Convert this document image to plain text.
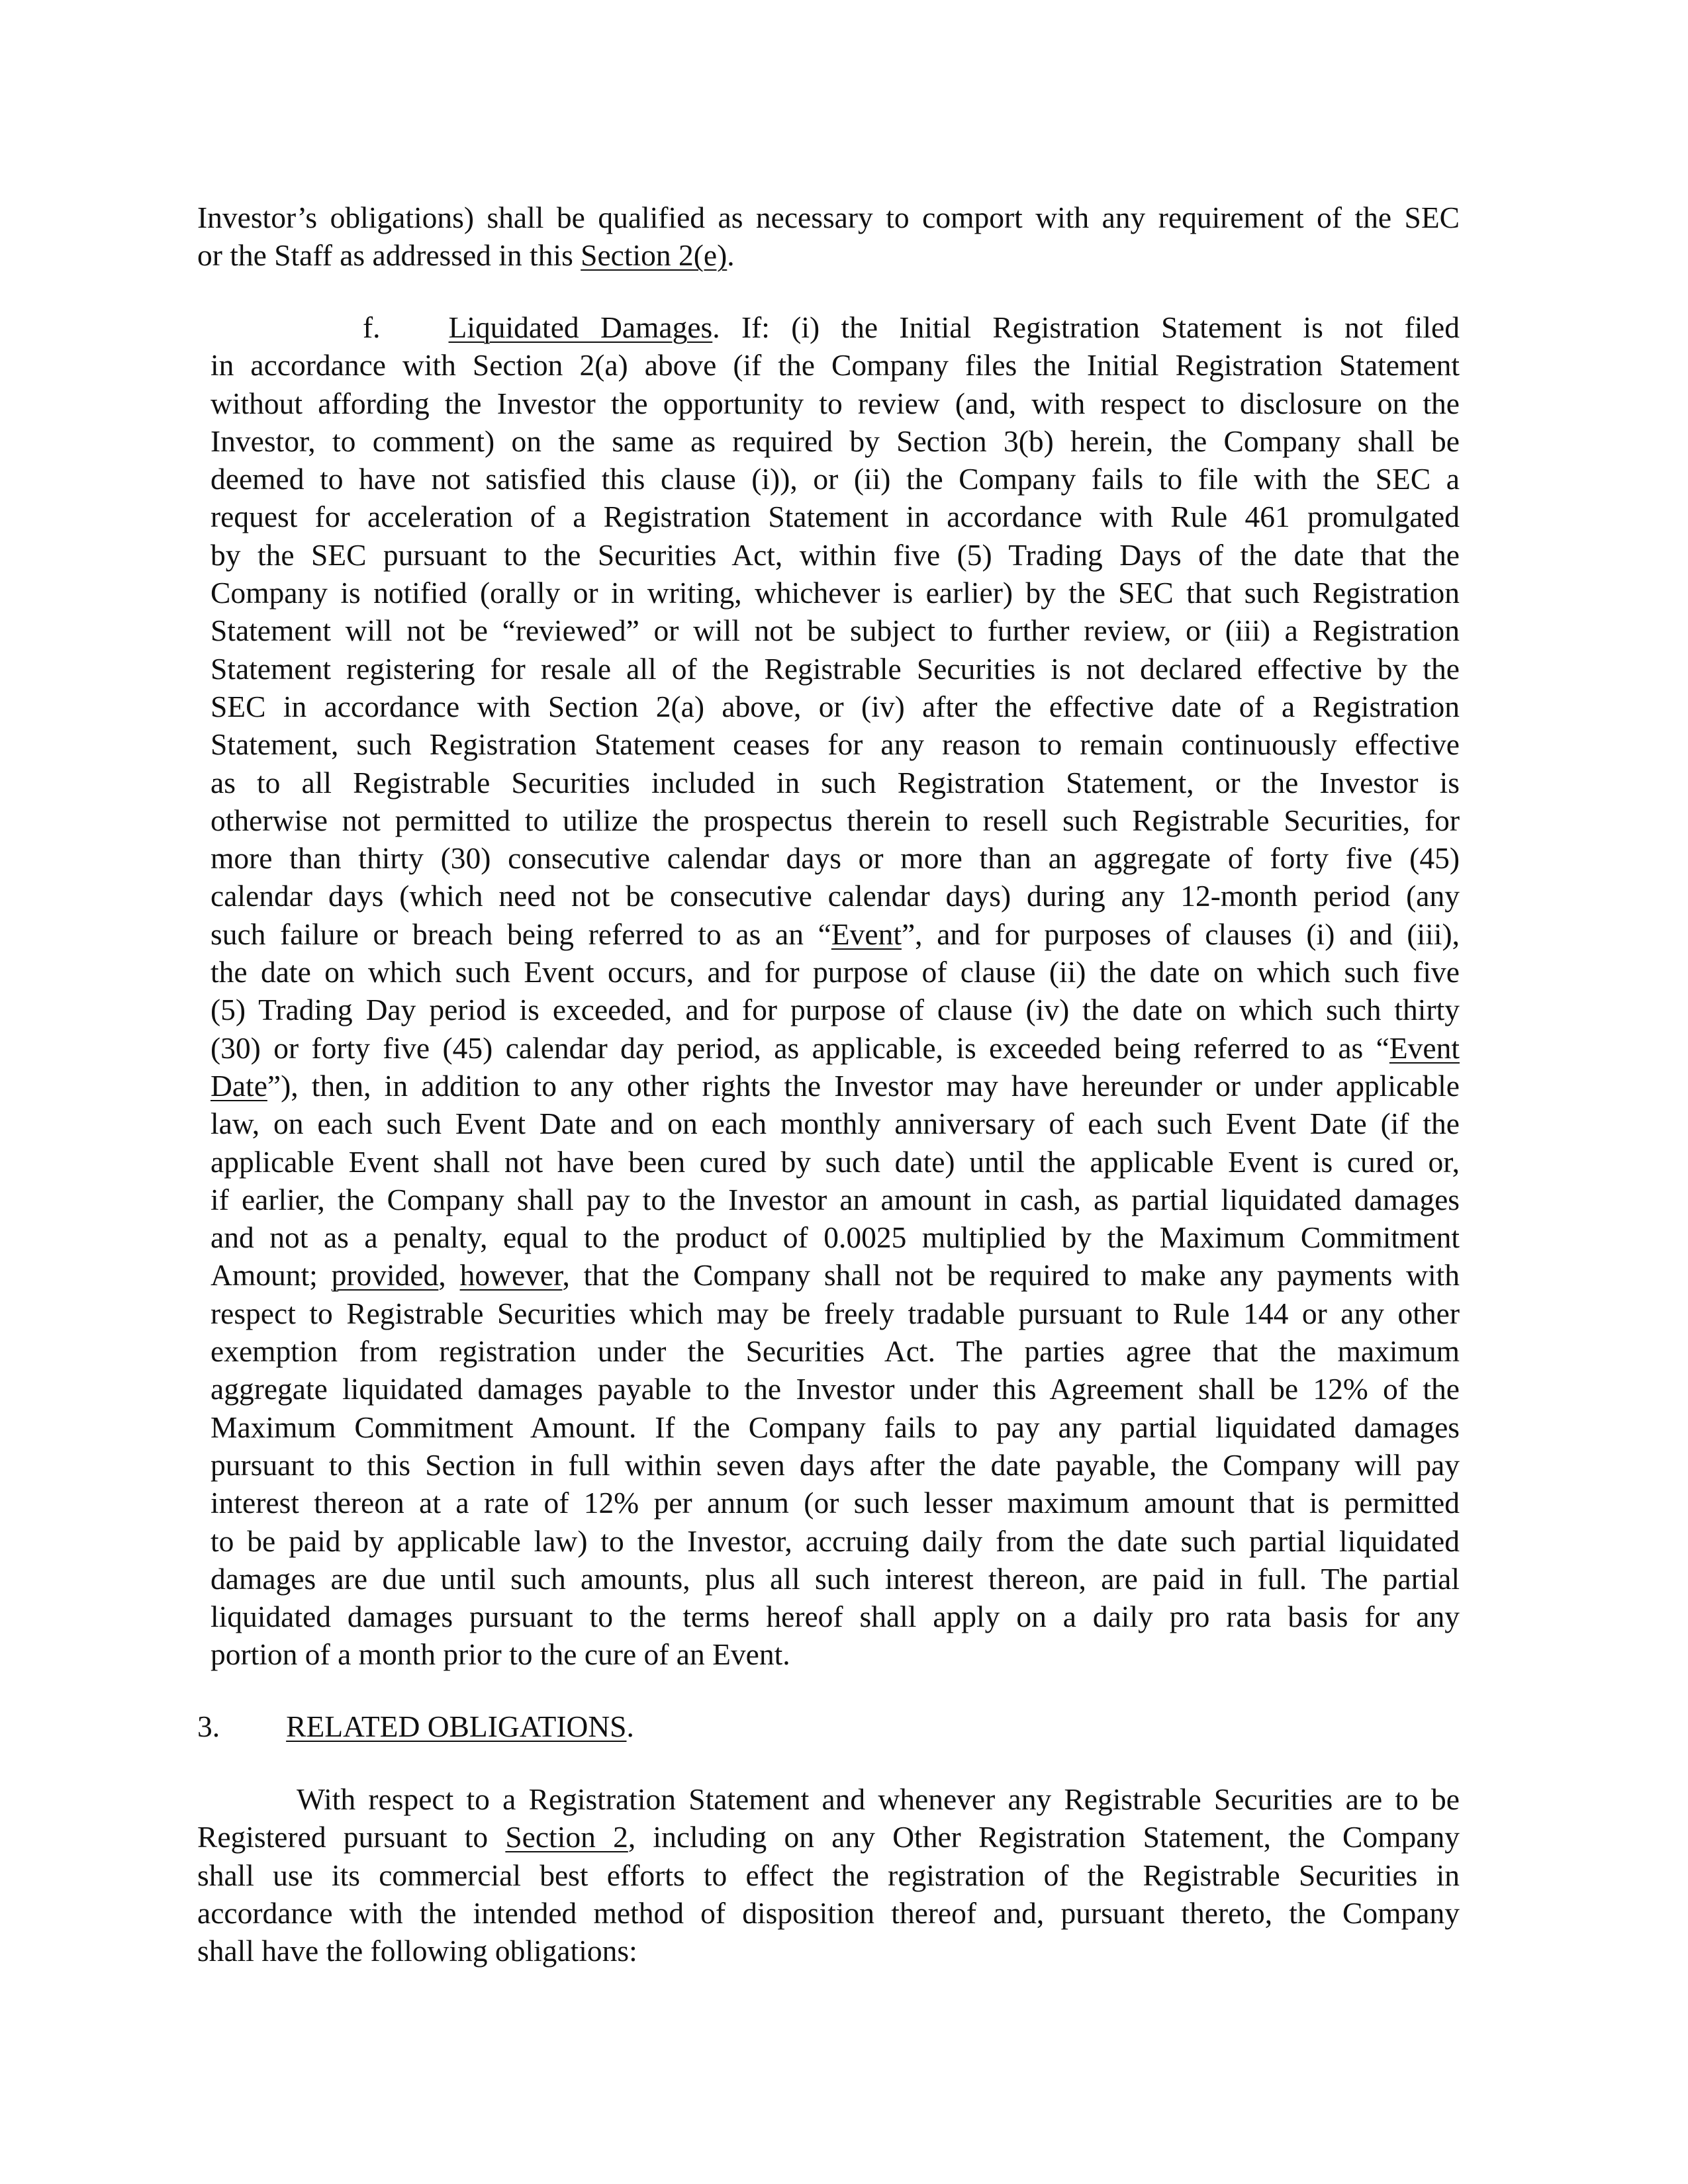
Investor’s obligations) shall be qualified as necessary to comport with any requirement of the SEC
or the Staff as addressed in this Section 2(e).
f. Liquidated Damages. If: (i) the Initial Registration Statement is not filed
in accordance with Section 2(a) above (if the Company files the Initial Registration Statement
without affording the Investor the opportunity to review (and, with respect to disclosure on the
Investor, to comment) on the same as required by Section 3(b) herein, the Company shall be
deemed to have not satisfied this clause (i)), or (ii) the Company fails to file with the SEC a
request for acceleration of a Registration Statement in accordance with Rule 461 promulgated
by the SEC pursuant to the Securities Act, within five (5) Trading Days of the date that the
Company is notified (orally or in writing, whichever is earlier) by the SEC that such Registration
Statement will not be “reviewed” or will not be subject to further review, or (iii) a Registration
Statement registering for resale all of the Registrable Securities is not declared effective by the
SEC in accordance with Section 2(a) above, or (iv) after the effective date of a Registration
Statement, such Registration Statement ceases for any reason to remain continuously effective
as to all Registrable Securities included in such Registration Statement, or the Investor is
otherwise not permitted to utilize the prospectus therein to resell such Registrable Securities, for
more than thirty (30) consecutive calendar days or more than an aggregate of forty five (45)
calendar days (which need not be consecutive calendar days) during any 12-month period (any
such failure or breach being referred to as an “Event”, and for purposes of clauses (i) and (iii),
the date on which such Event occurs, and for purpose of clause (ii) the date on which such five
(5) Trading Day period is exceeded, and for purpose of clause (iv) the date on which such thirty
(30) or forty five (45) calendar day period, as applicable, is exceeded being referred to as “Event
Date”), then, in addition to any other rights the Investor may have hereunder or under applicable
law, on each such Event Date and on each monthly anniversary of each such Event Date (if the
applicable Event shall not have been cured by such date) until the applicable Event is cured or,
if earlier, the Company shall pay to the Investor an amount in cash, as partial liquidated damages
and not as a penalty, equal to the product of 0.0025 multiplied by the Maximum Commitment
Amount; provided, however, that the Company shall not be required to make any payments with
respect to Registrable Securities which may be freely tradable pursuant to Rule 144 or any other
exemption from registration under the Securities Act. The parties agree that the maximum
aggregate liquidated damages payable to the Investor under this Agreement shall be 12% of the
Maximum Commitment Amount. If the Company fails to pay any partial liquidated damages
pursuant to this Section in full within seven days after the date payable, the Company will pay
interest thereon at a rate of 12% per annum (or such lesser maximum amount that is permitted
to be paid by applicable law) to the Investor, accruing daily from the date such partial liquidated
damages are due until such amounts, plus all such interest thereon, are paid in full. The partial
liquidated damages pursuant to the terms hereof shall apply on a daily pro rata basis for any
portion of a month prior to the cure of an Event.
3. RELATED OBLIGATIONS.
With respect to a Registration Statement and whenever any Registrable Securities are to be
Registered pursuant to Section 2, including on any Other Registration Statement, the Company
shall use its commercial best efforts to effect the registration of the Registrable Securities in
accordance with the intended method of disposition thereof and, pursuant thereto, the Company
shall have the following obligations:
